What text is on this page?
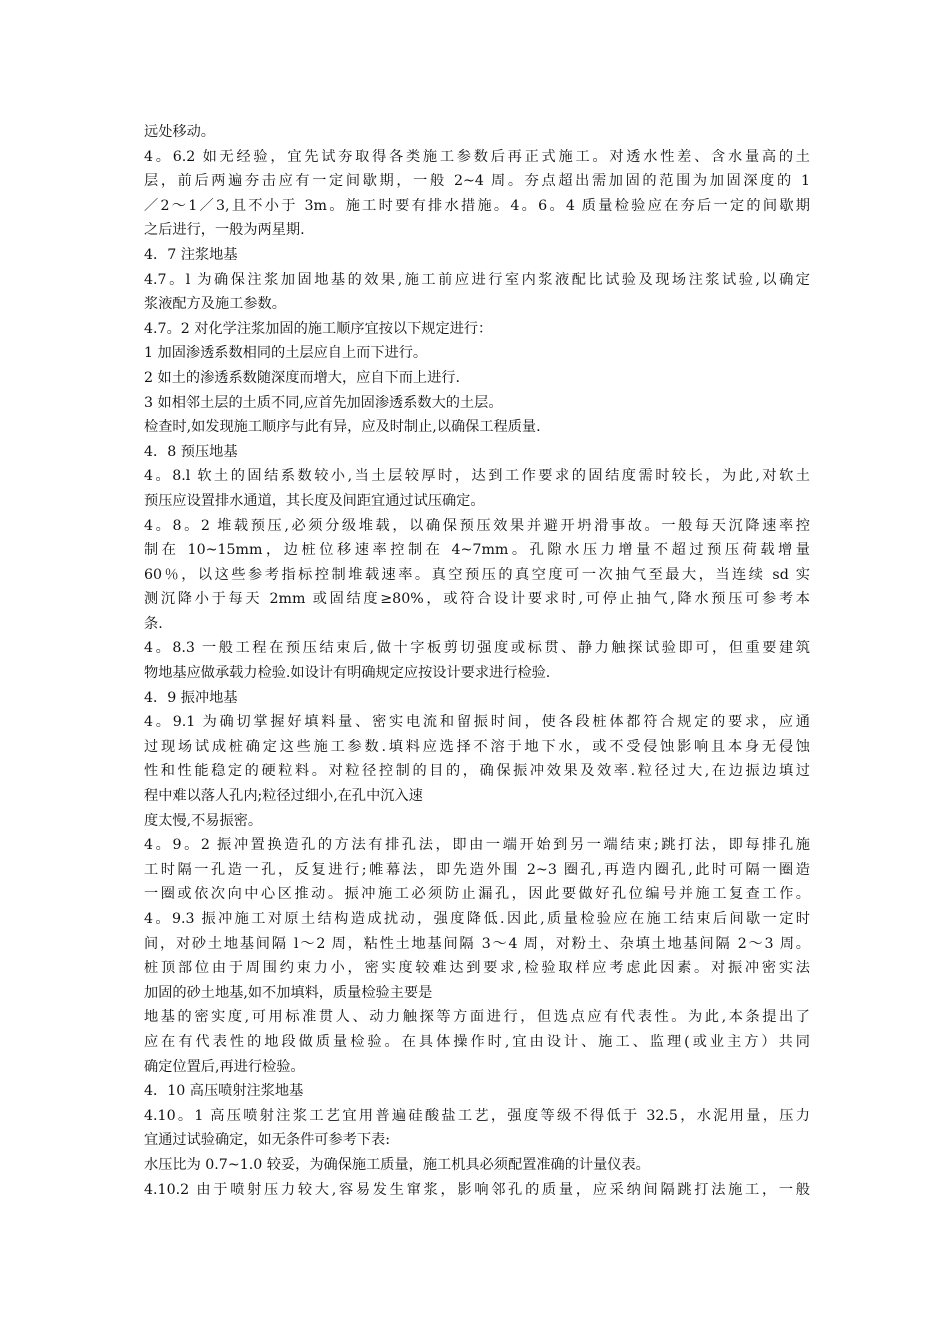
远处移动。
4。6.2 如无经验，宜先试夯取得各类施工参数后再正式施工。对透水性差、含水量高的土
层，前后两遍夯击应有一定间歇期，一般 2~4 周。夯点超出需加固的范围为加固深度的 1
／2～1／3,且不小于 3m。施工时要有排水措施。4。6。4 质量检验应在夯后一定的间歇期
之后进行，一般为两星期.
4．7 注浆地基
4.7。l 为确保注浆加固地基的效果,施工前应进行室内浆液配比试验及现场注浆试验,以确定
浆液配方及施工参数。
4.7。2 对化学注浆加固的施工顺序宜按以下规定进行：
1 加固渗透系数相同的土层应自上而下进行。
2 如土的渗透系数随深度而增大，应自下而上进行.
3 如相邻土层的土质不同,应首先加固渗透系数大的土层。
检查时,如发现施工顺序与此有异，应及时制止,以确保工程质量.
4．8 预压地基
4。8.l 软土的固结系数较小,当土层较厚时，达到工作要求的固结度需时较长，为此,对软土
预压应设置排水通道，其长度及间距宜通过试压确定。
4。8。2 堆载预压,必须分级堆载，以确保预压效果并避开坍滑事故。一般每天沉降速率控
制在 10~15mm，边桩位移速率控制在 4~7mm。孔隙水压力增量不超过预压荷载增量
60％，以这些参考指标控制堆载速率。真空预压的真空度可一次抽气至最大，当连续 sd 实
测沉降小于每天 2mm 或固结度≥80%，或符合设计要求时,可停止抽气,降水预压可参考本
条.
4。8.3 一般工程在预压结束后,做十字板剪切强度或标贯、静力触探试验即可，但重要建筑
物地基应做承载力检验.如设计有明确规定应按设计要求进行检验.
4．9 振冲地基
4。9.1 为确切掌握好填料量、密实电流和留振时间，使各段桩体都符合规定的要求，应通
过现场试成桩确定这些施工参数.填料应选择不溶于地下水，或不受侵蚀影响且本身无侵蚀
性和性能稳定的硬粒料。对粒径控制的目的，确保振冲效果及效率.粒径过大,在边振边填过
程中难以落人孔内;粒径过细小,在孔中沉入速
度太慢,不易振密。
4。9。2 振冲置换造孔的方法有排孔法，即由一端开始到另一端结束;跳打法，即每排孔施
工时隔一孔造一孔，反复进行;帷幕法，即先造外围 2~3 圈孔,再造内圈孔,此时可隔一圈造
一圈或依次向中心区推动。振冲施工必须防止漏孔，因此要做好孔位编号并施工复查工作。
4。9.3 振冲施工对原土结构造成扰动，强度降低.因此,质量检验应在施工结束后间歇一定时
间，对砂土地基间隔 l～2 周，粘性土地基间隔 3～4 周，对粉土、杂填土地基间隔 2～3 周。
桩顶部位由于周围约束力小，密实度较难达到要求,检验取样应考虑此因素。对振冲密实法
加固的砂土地基,如不加填料，质量检验主要是
地基的密实度,可用标准贯人、动力触探等方面进行，但选点应有代表性。为此,本条提出了
应在有代表性的地段做质量检验。在具体操作时,宜由设计、施工、监理(或业主方）共同
确定位置后,再进行检验。
4．10 高压喷射注浆地基
4.10。1 高压喷射注浆工艺宜用普遍硅酸盐工艺，强度等级不得低于 32.5，水泥用量，压力
宜通过试验确定，如无条件可参考下表:
水压比为 0.7~1.0 较妥，为确保施工质量，施工机具必须配置准确的计量仪表。
4.10.2 由于喷射压力较大,容易发生窜浆，影响邻孔的质量，应采纳间隔跳打法施工，一般
